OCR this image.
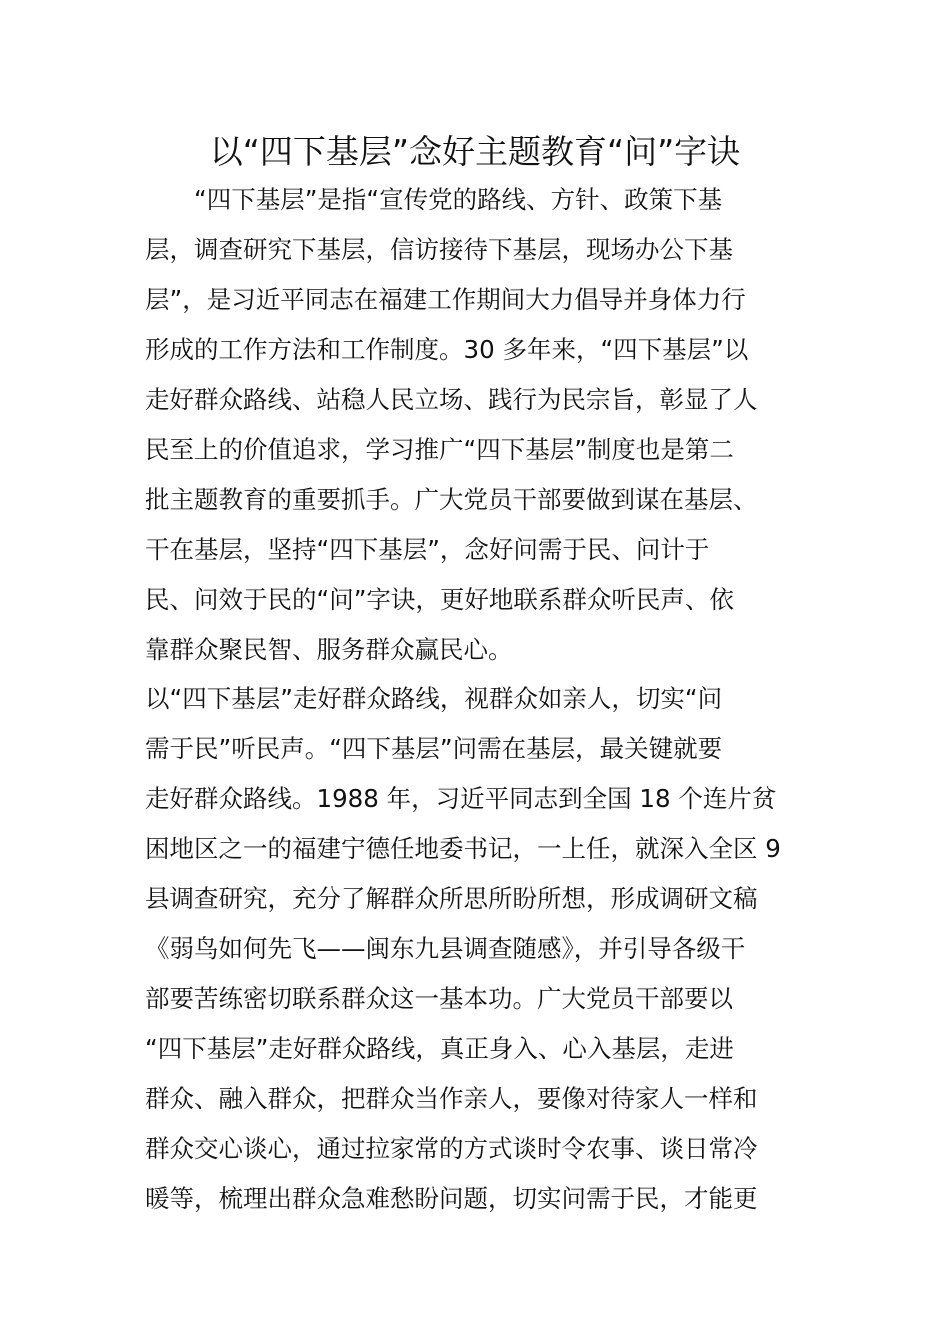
以“四下基层”念好主题教育“问”字诀
　　“四下基层”是指“宣传党的路线、方针、政策下基
层，调查研究下基层，信访接待下基层，现场办公下基
层”，是习近平同志在福建工作期间大力倡导并身体力行
形成的工作方法和工作制度。30 多年来，“四下基层”以
走好群众路线、站稳人民立场、践行为民宗旨，彰显了人
民至上的价值追求，学习推广“四下基层”制度也是第二
批主题教育的重要抓手。广大党员干部要做到谋在基层、
干在基层，坚持“四下基层”，念好问需于民、问计于
民、问效于民的“问”字诀，更好地联系群众听民声、依
靠群众聚民智、服务群众赢民心。
以“四下基层”走好群众路线，视群众如亲人，切实“问
需于民”听民声。“四下基层”问需在基层，最关键就要
走好群众路线。1988 年，习近平同志到全国 18 个连片贫
困地区之一的福建宁德任地委书记，一上任，就深入全区 9
县调查研究，充分了解群众所思所盼所想，形成调研文稿
《弱鸟如何先飞——闽东九县调查随感》，并引导各级干
部要苦练密切联系群众这一基本功。广大党员干部要以
“四下基层”走好群众路线，真正身入、心入基层，走进
群众、融入群众，把群众当作亲人，要像对待家人一样和
群众交心谈心，通过拉家常的方式谈时令农事、谈日常冷
暖等，梳理出群众急难愁盼问题，切实问需于民，才能更
